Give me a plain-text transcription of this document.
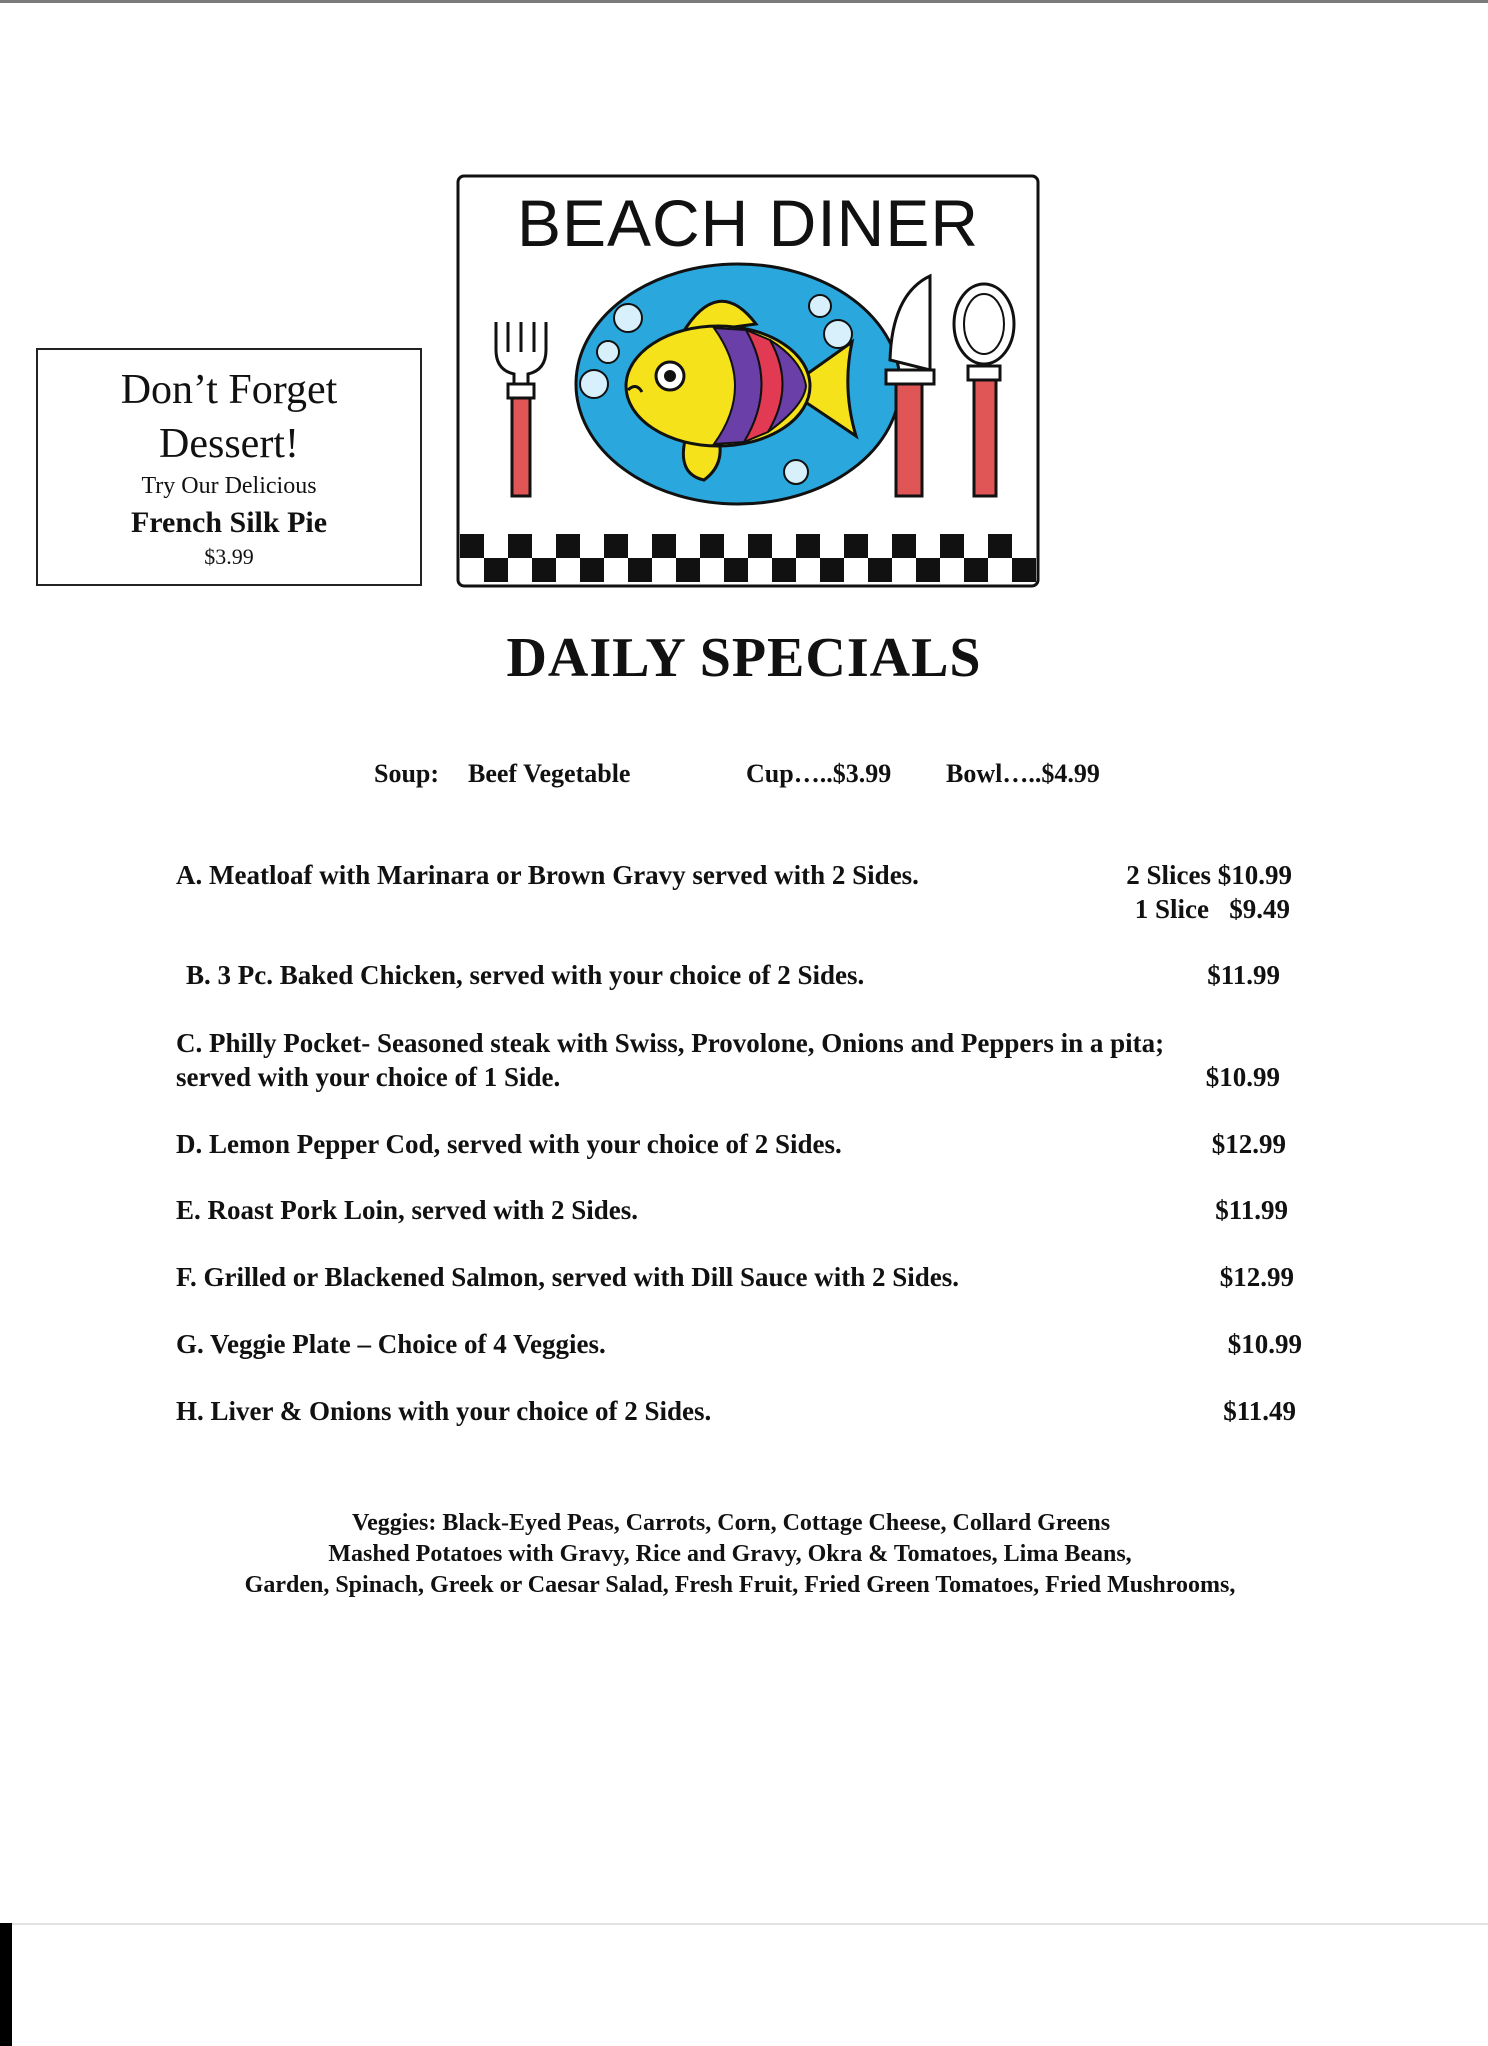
Don’t Forget
Dessert!
Try Our Delicious
French Silk Pie
$3.99
BEACH DINER
DAILY SPECIALS
Soup: Beef Vegetable	Cup…..$3.99 Bowl…..$4.99
A. Meatloaf with Marinara or Brown Gravy served with 2 Sides.	2 Slices $10.99
1 Slice   $9.49
B. 3 Pc. Baked Chicken, served with your choice of 2 Sides.	$11.99
C. Philly Pocket- Seasoned steak with Swiss, Provolone, Onions and Peppers in a pita;
served with your choice of 1 Side.	$10.99
D. Lemon Pepper Cod, served with your choice of 2 Sides.	$12.99
E. Roast Pork Loin, served with 2 Sides.	$11.99
F. Grilled or Blackened Salmon, served with Dill Sauce with 2 Sides.	$12.99
G. Veggie Plate – Choice of 4 Veggies.	$10.99
H. Liver & Onions with your choice of 2 Sides.	$11.49
Veggies: Black-Eyed Peas, Carrots, Corn, Cottage Cheese, Collard Greens
Mashed Potatoes with Gravy, Rice and Gravy, Okra & Tomatoes, Lima Beans,
Garden, Spinach, Greek or Caesar Salad, Fresh Fruit, Fried Green Tomatoes, Fried Mushrooms,
